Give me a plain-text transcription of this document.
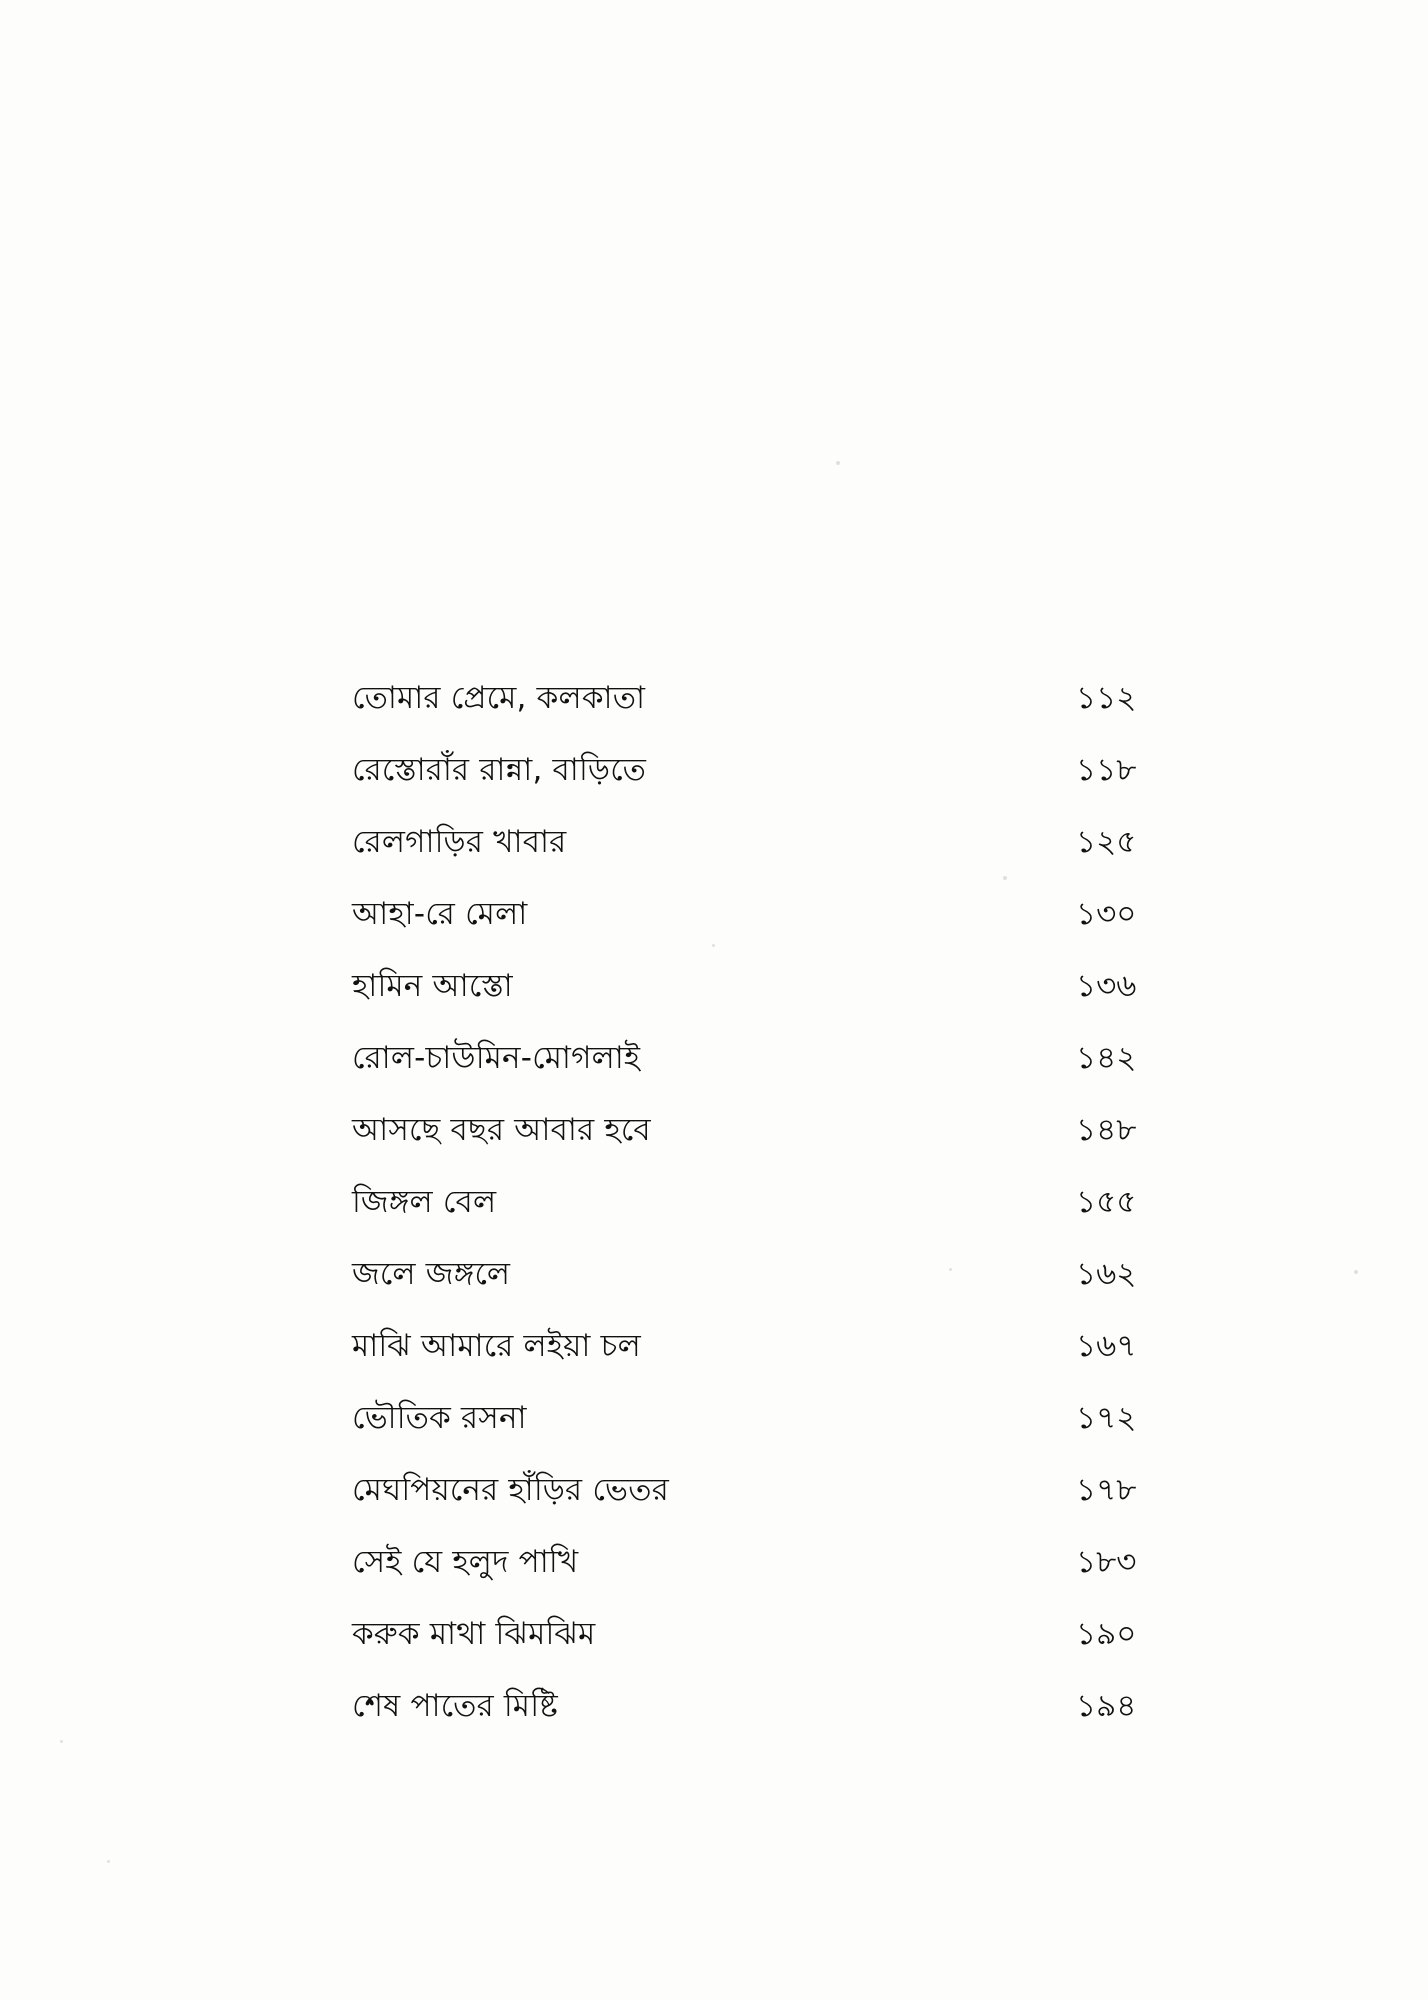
তোমার প্রেমে, কলকাতা	১১২
রেস্তোরাঁর রান্না, বাড়িতে	১১৮
রেলগাড়ির খাবার	১২৫
আহা-রে মেলা	১৩০
হামিন আস্তো	১৩৬
রোল-চাউমিন-মোগলাই	১৪২
আসছে বছর আবার হবে	১৪৮
জিঙ্গল বেল	১৫৫
জলে জঙ্গলে	১৬২
মাঝি আমারে লইয়া চল	১৬৭
ভৌতিক রসনা	১৭২
মেঘপিয়নের হাঁড়ির ভেতর	১৭৮
সেই যে হলুদ পাখি	১৮৩
করুক মাথা ঝিমঝিম	১৯০
শেষ পাতের মিষ্টি	১৯৪
